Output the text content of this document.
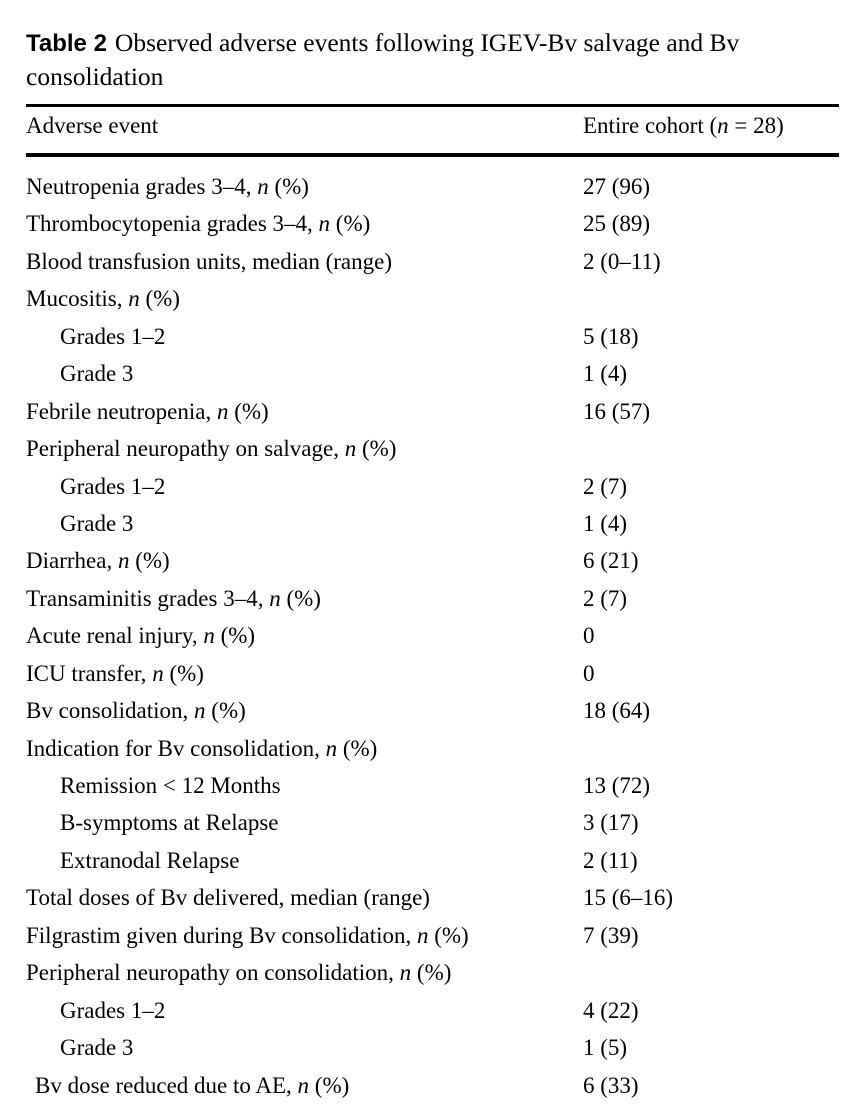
Table 2 Observed adverse events following IGEV-Bv salvage and Bv consolidation
Adverse event	Entire cohort (n = 28)
Neutropenia grades 3–4, n (%)	27 (96)
Thrombocytopenia grades 3–4, n (%)	25 (89)
Blood transfusion units, median (range)	2 (0–11)
Mucositis, n (%)
Grades 1–2	5 (18)
Grade 3	1 (4)
Febrile neutropenia, n (%)	16 (57)
Peripheral neuropathy on salvage, n (%)
Grades 1–2	2 (7)
Grade 3	1 (4)
Diarrhea, n (%)	6 (21)
Transaminitis grades 3–4, n (%)	2 (7)
Acute renal injury, n (%)	0
ICU transfer, n (%)	0
Bv consolidation, n (%)	18 (64)
Indication for Bv consolidation, n (%)
Remission < 12 Months	13 (72)
B-symptoms at Relapse	3 (17)
Extranodal Relapse	2 (11)
Total doses of Bv delivered, median (range)	15 (6–16)
Filgrastim given during Bv consolidation, n (%)	7 (39)
Peripheral neuropathy on consolidation, n (%)
Grades 1–2	4 (22)
Grade 3	1 (5)
Bv dose reduced due to AE, n (%)	6 (33)
